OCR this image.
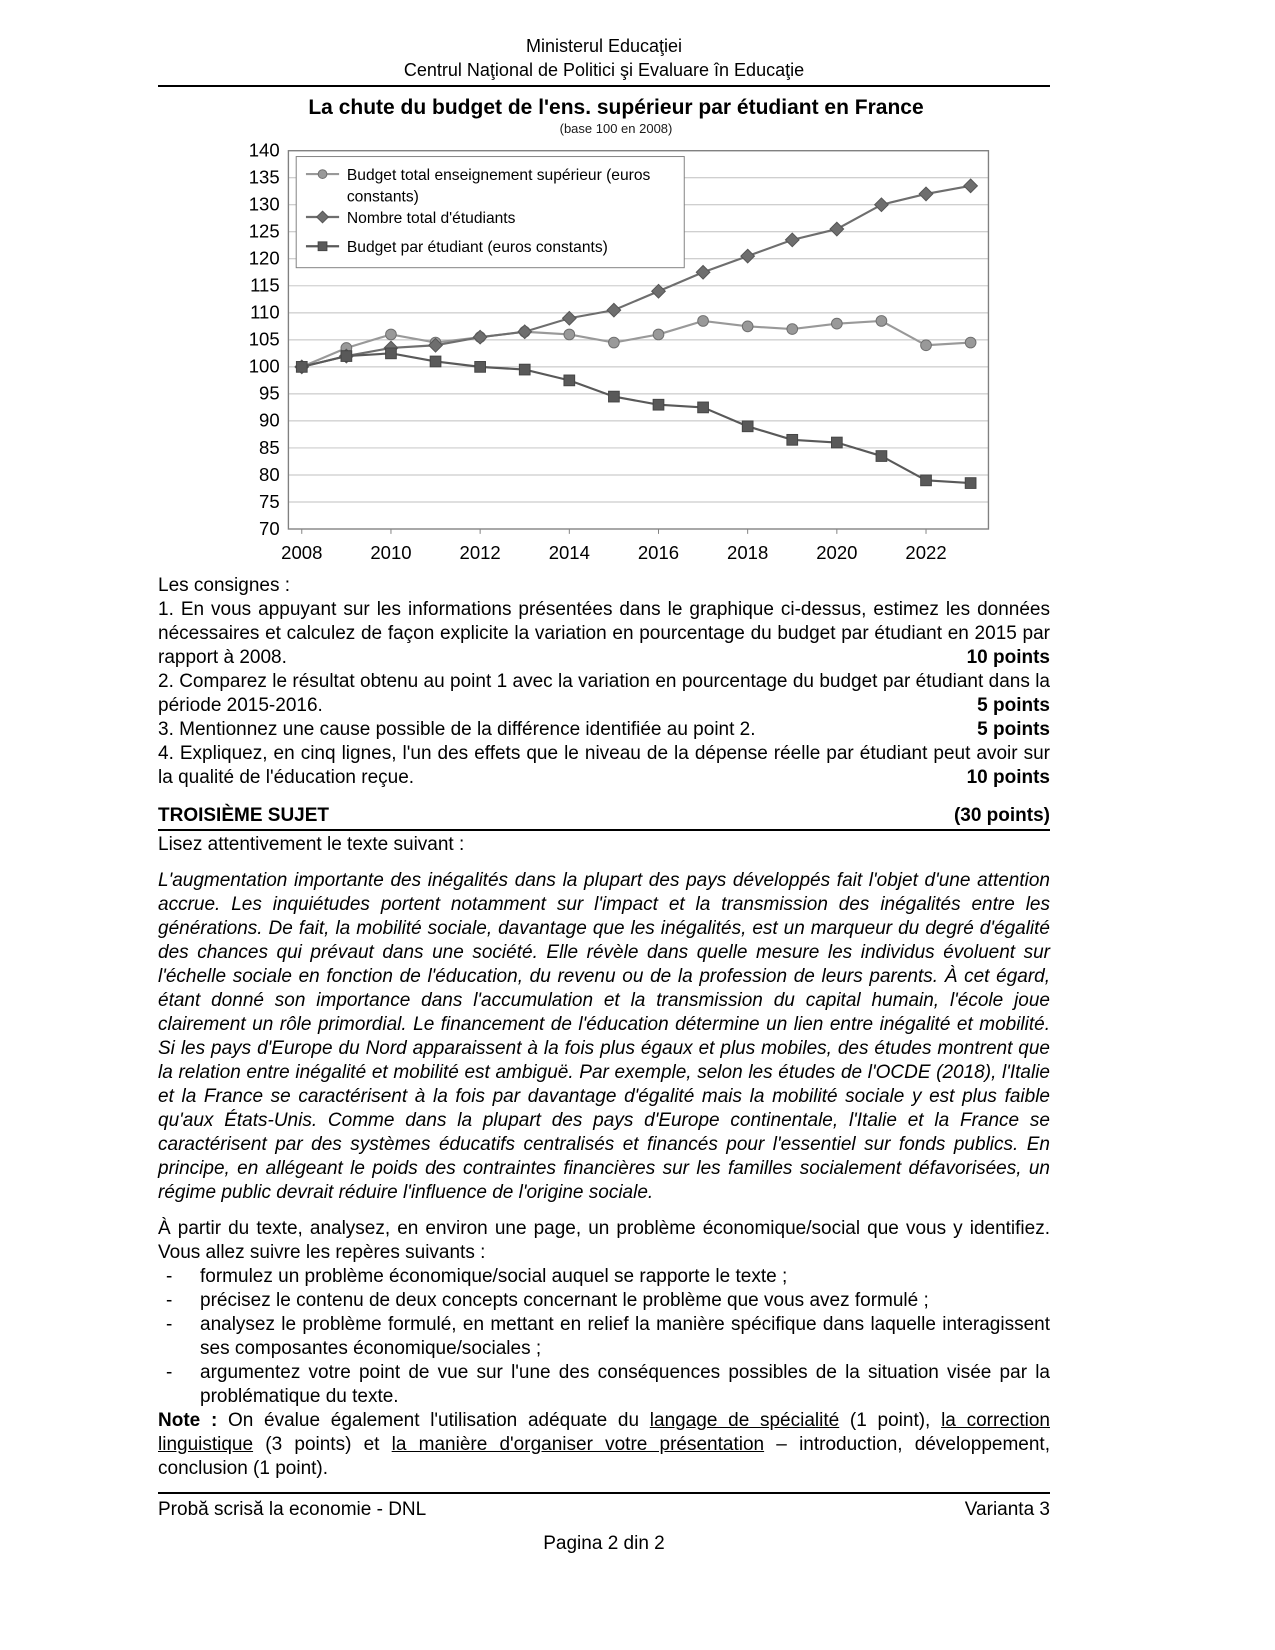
Ministerul Educaţiei
Centrul Naţional de Politici şi Evaluare în Educaţie
La chute du budget de l'ens. supérieur par étudiant en France
(base 100 en 2008)
70
75
80
85
90
95
100
105
110
115
120
125
130
135
140
2008	2010	2012	2014	2016	2018	2020	2022
Budget total enseignement supérieur (euros
constants)
Nombre total d'étudiants
Budget par étudiant (euros constants)
Les consignes :
1. En vous appuyant sur les informations présentées dans le graphique ci-dessus, estimez les données nécessaires et calculez de façon explicite la variation en pourcentage du budget par étudiant en 2015 par rapport à 2008.	10 points
2. Comparez le résultat obtenu au point 1 avec la variation en pourcentage du budget par étudiant dans la période 2015-2016.	5 points
3. Mentionnez une cause possible de la différence identifiée au point 2.	5 points
4. Expliquez, en cinq lignes, l'un des effets que le niveau de la dépense réelle par étudiant peut avoir sur la qualité de l'éducation reçue.	10 points
TROISIÈME SUJET	(30 points)
Lisez attentivement le texte suivant :

L'augmentation importante des inégalités dans la plupart des pays développés fait l'objet d'une attention accrue. Les inquiétudes portent notamment sur l'impact et la transmission des inégalités entre les générations. De fait, la mobilité sociale, davantage que les inégalités, est un marqueur du degré d'égalité des chances qui prévaut dans une société. Elle révèle dans quelle mesure les individus évoluent sur l'échelle sociale en fonction de l'éducation, du revenu ou de la profession de leurs parents. À cet égard, étant donné son importance dans l'accumulation et la transmission du capital humain, l'école joue clairement un rôle primordial. Le financement de l'éducation détermine un lien entre inégalité et mobilité. Si les pays d'Europe du Nord apparaissent à la fois plus égaux et plus mobiles, des études montrent que la relation entre inégalité et mobilité est ambiguë. Par exemple, selon les études de l'OCDE (2018), l'Italie et la France se caractérisent à la fois par davantage d'égalité mais la mobilité sociale y est plus faible qu'aux États-Unis. Comme dans la plupart des pays d'Europe continentale, l'Italie et la France se caractérisent par des systèmes éducatifs centralisés et financés pour l'essentiel sur fonds publics. En principe, en allégeant le poids des contraintes financières sur les familles socialement défavorisées, un régime public devrait réduire l'influence de l'origine sociale.

À partir du texte, analysez, en environ une page, un problème économique/social que vous y identifiez. Vous allez suivre les repères suivants :

-	formulez un problème économique/social auquel se rapporte le texte ;
-	précisez le contenu de deux concepts concernant le problème que vous avez formulé ;
-	analysez le problème formulé, en mettant en relief la manière spécifique dans laquelle interagissent ses composantes économique/sociales ;
-	argumentez votre point de vue sur l'une des conséquences possibles de la situation visée par la problématique du texte.

Note : On évalue également l'utilisation adéquate du langage de spécialité (1 point), la correction linguistique (3 points) et la manière d'organiser votre présentation – introduction, développement, conclusion (1 point).

Probă scrisă la economie - DNL	Varianta 3
Pagina 2 din 2
